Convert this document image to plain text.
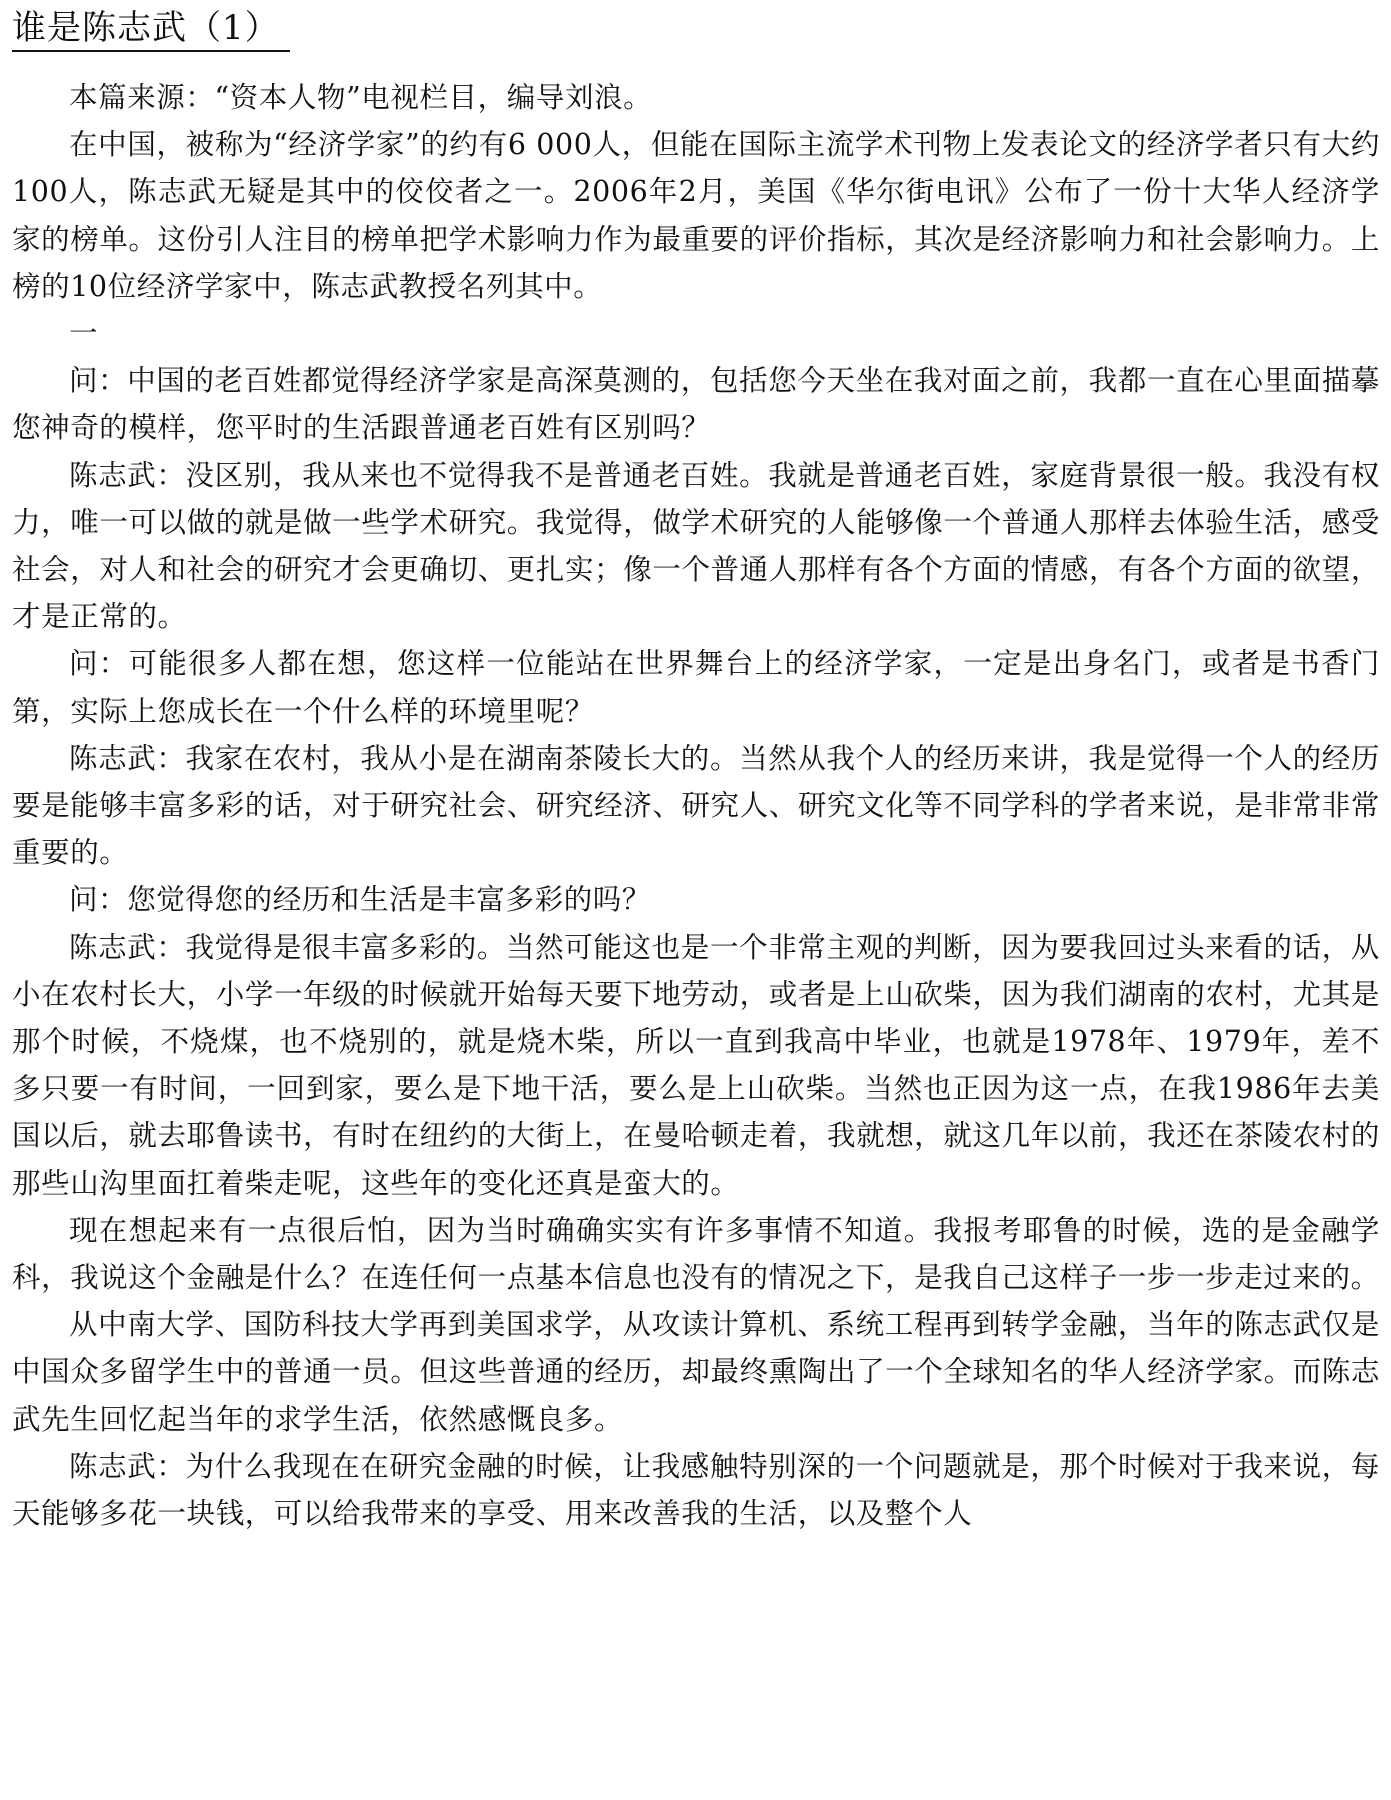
谁是陈志武（1）

本篇来源：“资本人物”电视栏目，编导刘浪。

在中国，被称为“经济学家”的约有6 000人，但能在国际主流学术刊物上发表论文的经济学者只有大约100人，陈志武无疑是其中的佼佼者之一。2006年2月，美国《华尔街电讯》公布了一份十大华人经济学家的榜单。这份引人注目的榜单把学术影响力作为最重要的评价指标，其次是经济影响力和社会影响力。上榜的10位经济学家中，陈志武教授名列其中。

一

问：中国的老百姓都觉得经济学家是高深莫测的，包括您今天坐在我对面之前，我都一直在心里面描摹您神奇的模样，您平时的生活跟普通老百姓有区别吗？

陈志武：没区别，我从来也不觉得我不是普通老百姓。我就是普通老百姓，家庭背景很一般。我没有权力，唯一可以做的就是做一些学术研究。我觉得，做学术研究的人能够像一个普通人那样去体验生活，感受社会，对人和社会的研究才会更确切、更扎实；像一个普通人那样有各个方面的情感，有各个方面的欲望，才是正常的。

问：可能很多人都在想，您这样一位能站在世界舞台上的经济学家，一定是出身名门，或者是书香门第，实际上您成长在一个什么样的环境里呢？

陈志武：我家在农村，我从小是在湖南茶陵长大的。当然从我个人的经历来讲，我是觉得一个人的经历要是能够丰富多彩的话，对于研究社会、研究经济、研究人、研究文化等不同学科的学者来说，是非常非常重要的。

问：您觉得您的经历和生活是丰富多彩的吗？

陈志武：我觉得是很丰富多彩的。当然可能这也是一个非常主观的判断，因为要我回过头来看的话，从小在农村长大，小学一年级的时候就开始每天要下地劳动，或者是上山砍柴，因为我们湖南的农村，尤其是那个时候，不烧煤，也不烧别的，就是烧木柴，所以一直到我高中毕业，也就是1978年、1979年，差不多只要一有时间，一回到家，要么是下地干活，要么是上山砍柴。当然也正因为这一点，在我1986年去美国以后，就去耶鲁读书，有时在纽约的大街上，在曼哈顿走着，我就想，就这几年以前，我还在茶陵农村的那些山沟里面扛着柴走呢，这些年的变化还真是蛮大的。

现在想起来有一点很后怕，因为当时确确实实有许多事情不知道。我报考耶鲁的时候，选的是金融学科，我说这个金融是什么？在连任何一点基本信息也没有的情况之下，是我自己这样子一步一步走过来的。

从中南大学、国防科技大学再到美国求学，从攻读计算机、系统工程再到转学金融，当年的陈志武仅是中国众多留学生中的普通一员。但这些普通的经历，却最终熏陶出了一个全球知名的华人经济学家。而陈志武先生回忆起当年的求学生活，依然感慨良多。

陈志武：为什么我现在在研究金融的时候，让我感触特别深的一个问题就是，那个时候对于我来说，每天能够多花一块钱，可以给我带来的享受、用来改善我的生活，以及整个人
